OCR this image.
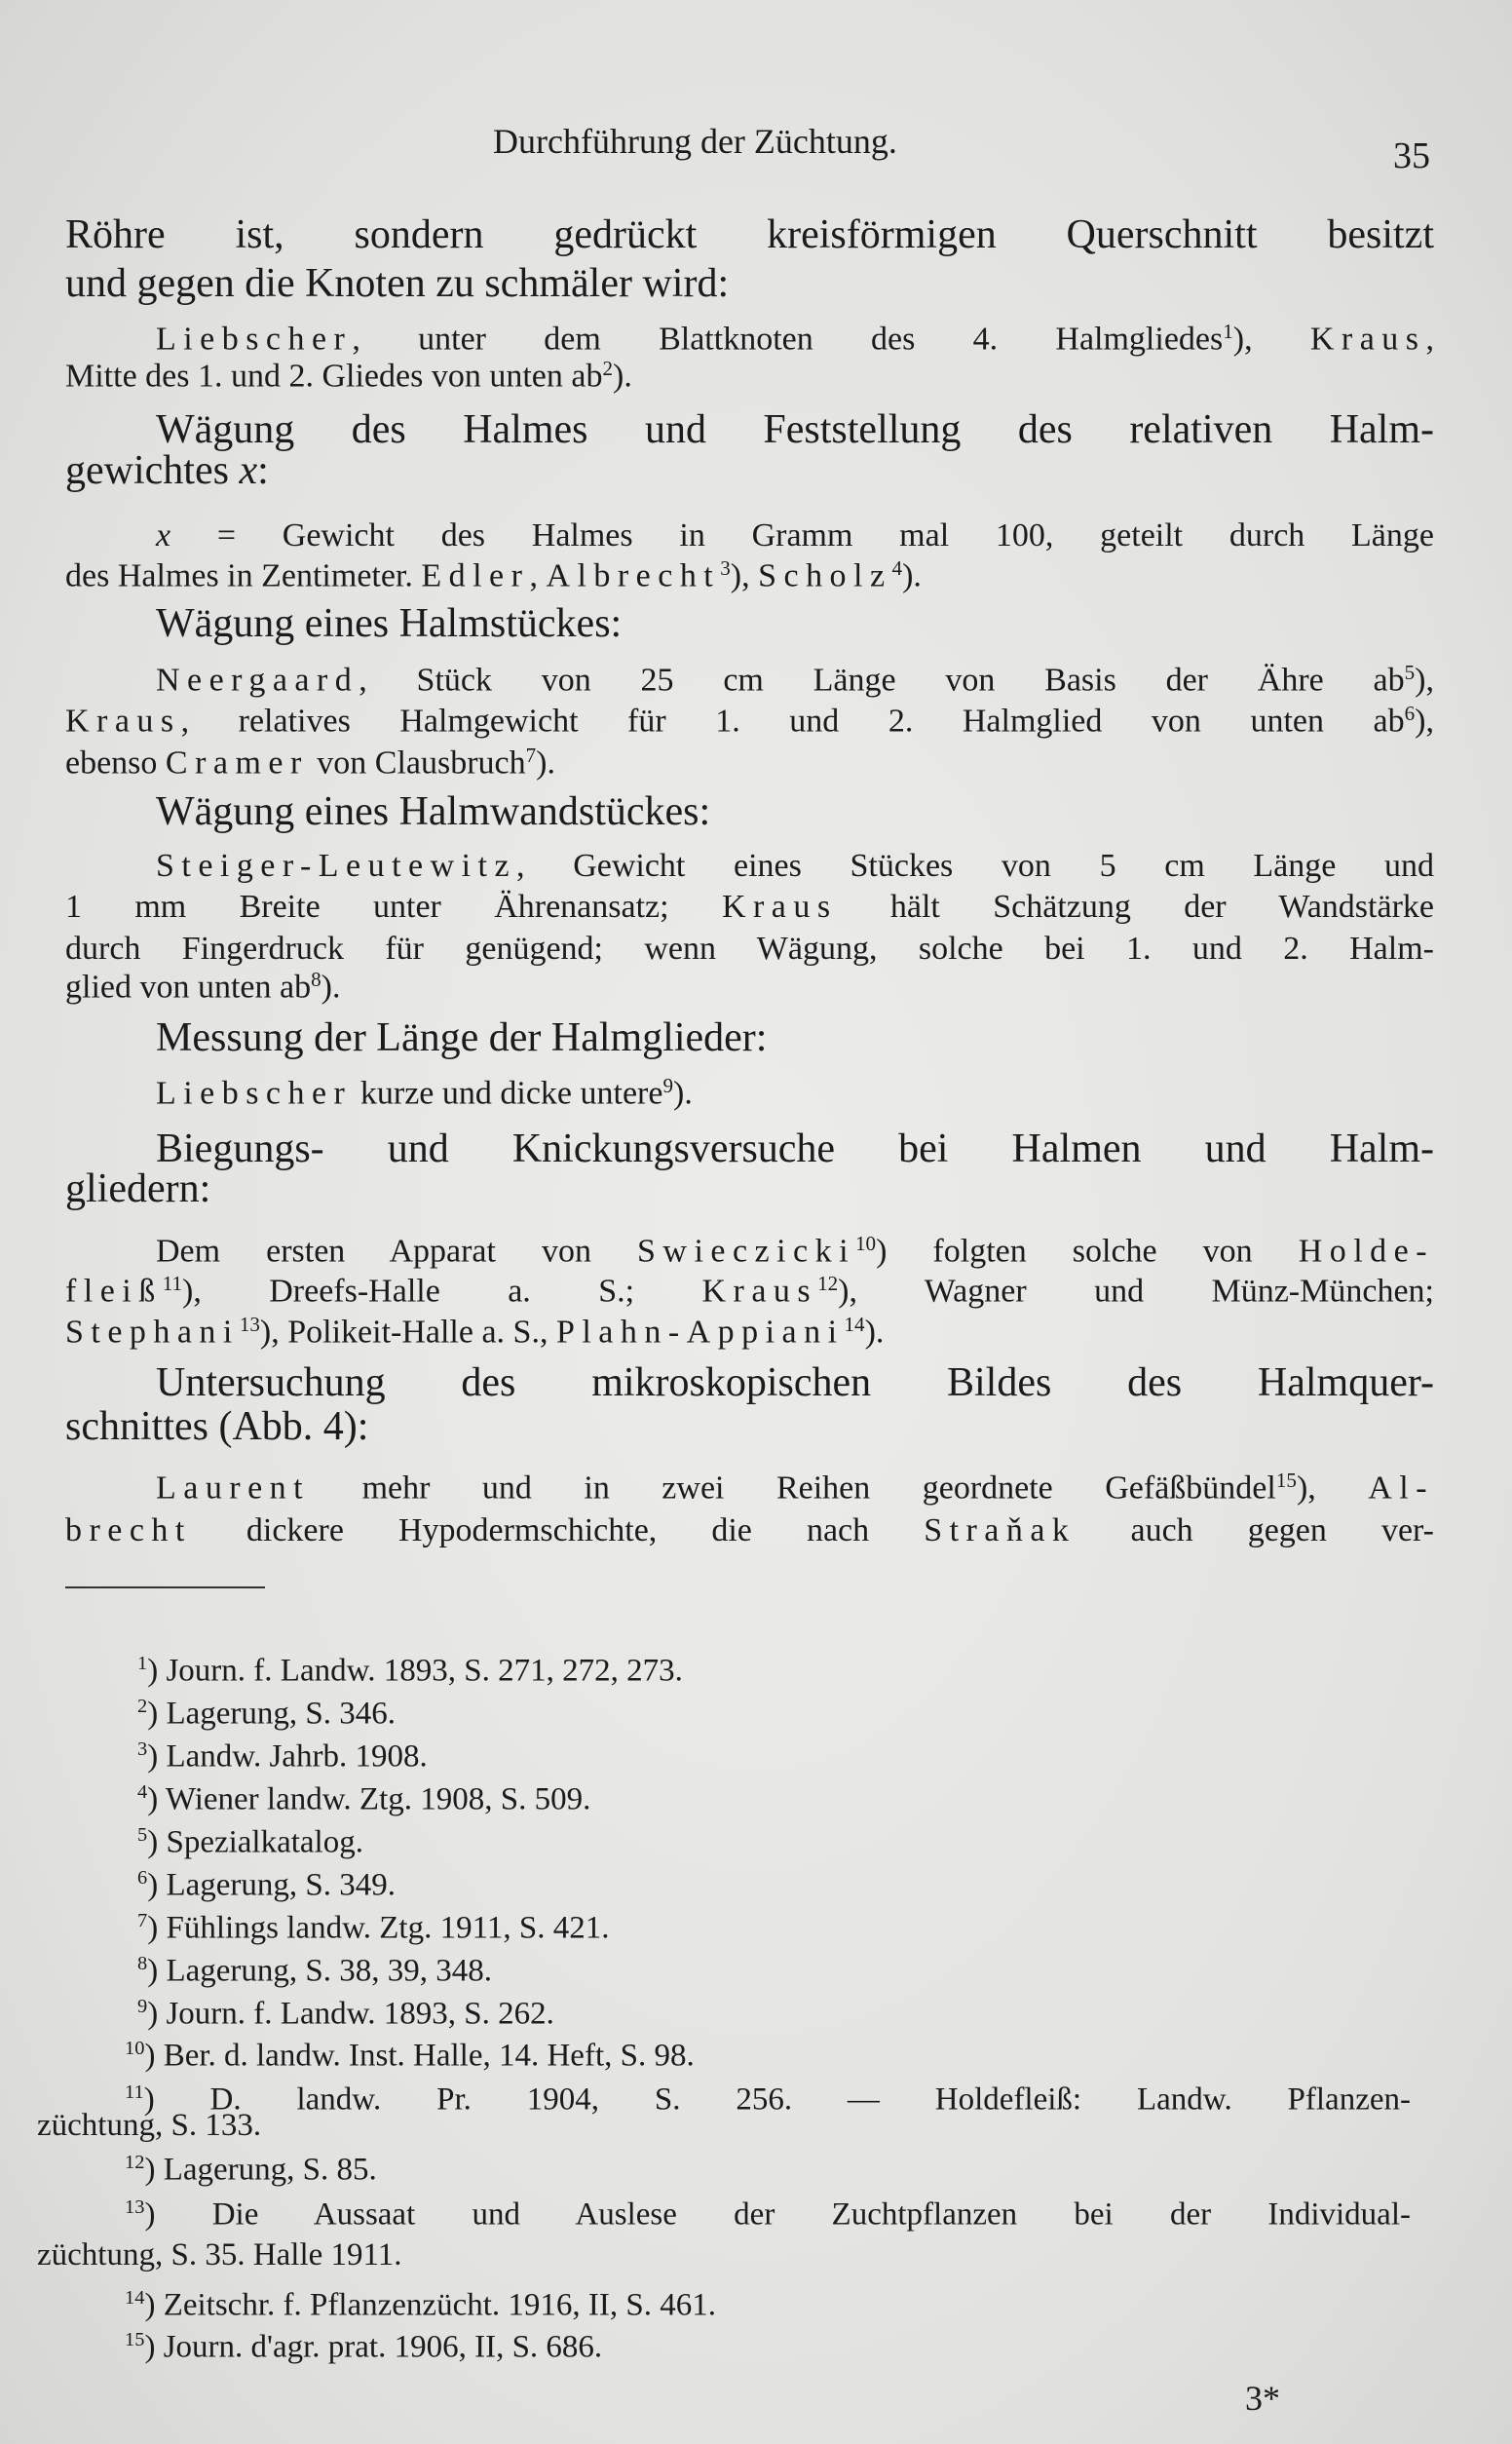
Durchführung der Züchtung.	35
Röhre ist, sondern gedrückt kreisförmigen Querschnitt besitzt
und gegen die Knoten zu schmäler wird:
Liebscher, unter dem Blattknoten des 4. Halmgliedes$^1$), Kraus,
Mitte des 1. und 2. Gliedes von unten $ab^2$).
Wägung des Halmes und Feststellung des relativen Halm-
gewichtes x:
x = Gewicht des Halmes in Gramm mal 100, geteilt durch Länge
des Halmes in Zentimeter. Edler, Albrecht$^3$), Scholz$^4$).
Wägung eines Halmstückes:
Neergaard, Stück von 25 cm Länge von Basis der Ähre $ab^5$),
Kraus, relatives Halmgewicht für 1. und 2. Halmglied von unten $ab^6$),
ebenso Cramer von Clausbruch$^7$).
Wägung eines Halmwandstückes:
Steiger-Leutewitz, Gewicht eines Stückes von 5 cm Länge und
1 mm Breite unter Ährenansatz; Kraus hält Schätzung der Wandstärke
durch Fingerdruck für genügend; wenn Wägung, solche bei 1. und 2. Halm-
glied von unten $ab^8$).
Messung der Länge der Halmglieder:
Liebscher kurze und dicke untere$^9$).
Biegungs- und Knickungsversuche bei Halmen und Halm-
gliedern:
Dem ersten Apparat von Swieczicki$^{10}$) folgten solche von Holde-
fleiß$^{11}$), Dreefs-Halle a. S.; Kraus$^{12}$), Wagner und Münz-München;
Stephani$^{13}$), Polikeit-Halle a. S., Plahn-Appiani$^{14}$).
Untersuchung des mikroskopischen Bildes des Halmquer-
schnittes (Abb. 4):
Laurent mehr und in zwei Reihen geordnete Gefäßbündel$^{15}$), Al-
brecht dickere Hypodermschichte, die nach Straňak auch gegen ver-
$^1$) Journ. f. Landw. 1893, S. 271, 272, 273.
$^2$) Lagerung, S. 346.
$^3$) Landw. Jahrb. 1908.
$^4$) Wiener landw. Ztg. 1908, S. 509.
$^5$) Spezialkatalog.
$^6$) Lagerung, S. 349.
$^7$) Fühlings landw. Ztg. 1911, S. 421.
$^8$) Lagerung, S. 38, 39, 348.
$^9$) Journ. f. Landw. 1893, S. 262.
$^{10}$) Ber. d. landw. Inst. Halle, 14. Heft, S. 98.
$^{11}$) D. landw. Pr. 1904, S. 256. — Holdefleiß: Landw. Pflanzen-
züchtung, S. 133.
$^{12}$) Lagerung, S. 85.
$^{13}$) Die Aussaat und Auslese der Zuchtpflanzen bei der Individual-
züchtung, S. 35. Halle 1911.
$^{14}$) Zeitschr. f. Pflanzenzücht. 1916, II, S. 461.
$^{15}$) Journ. d'agr. prat. 1906, II, S. 686.
3*
